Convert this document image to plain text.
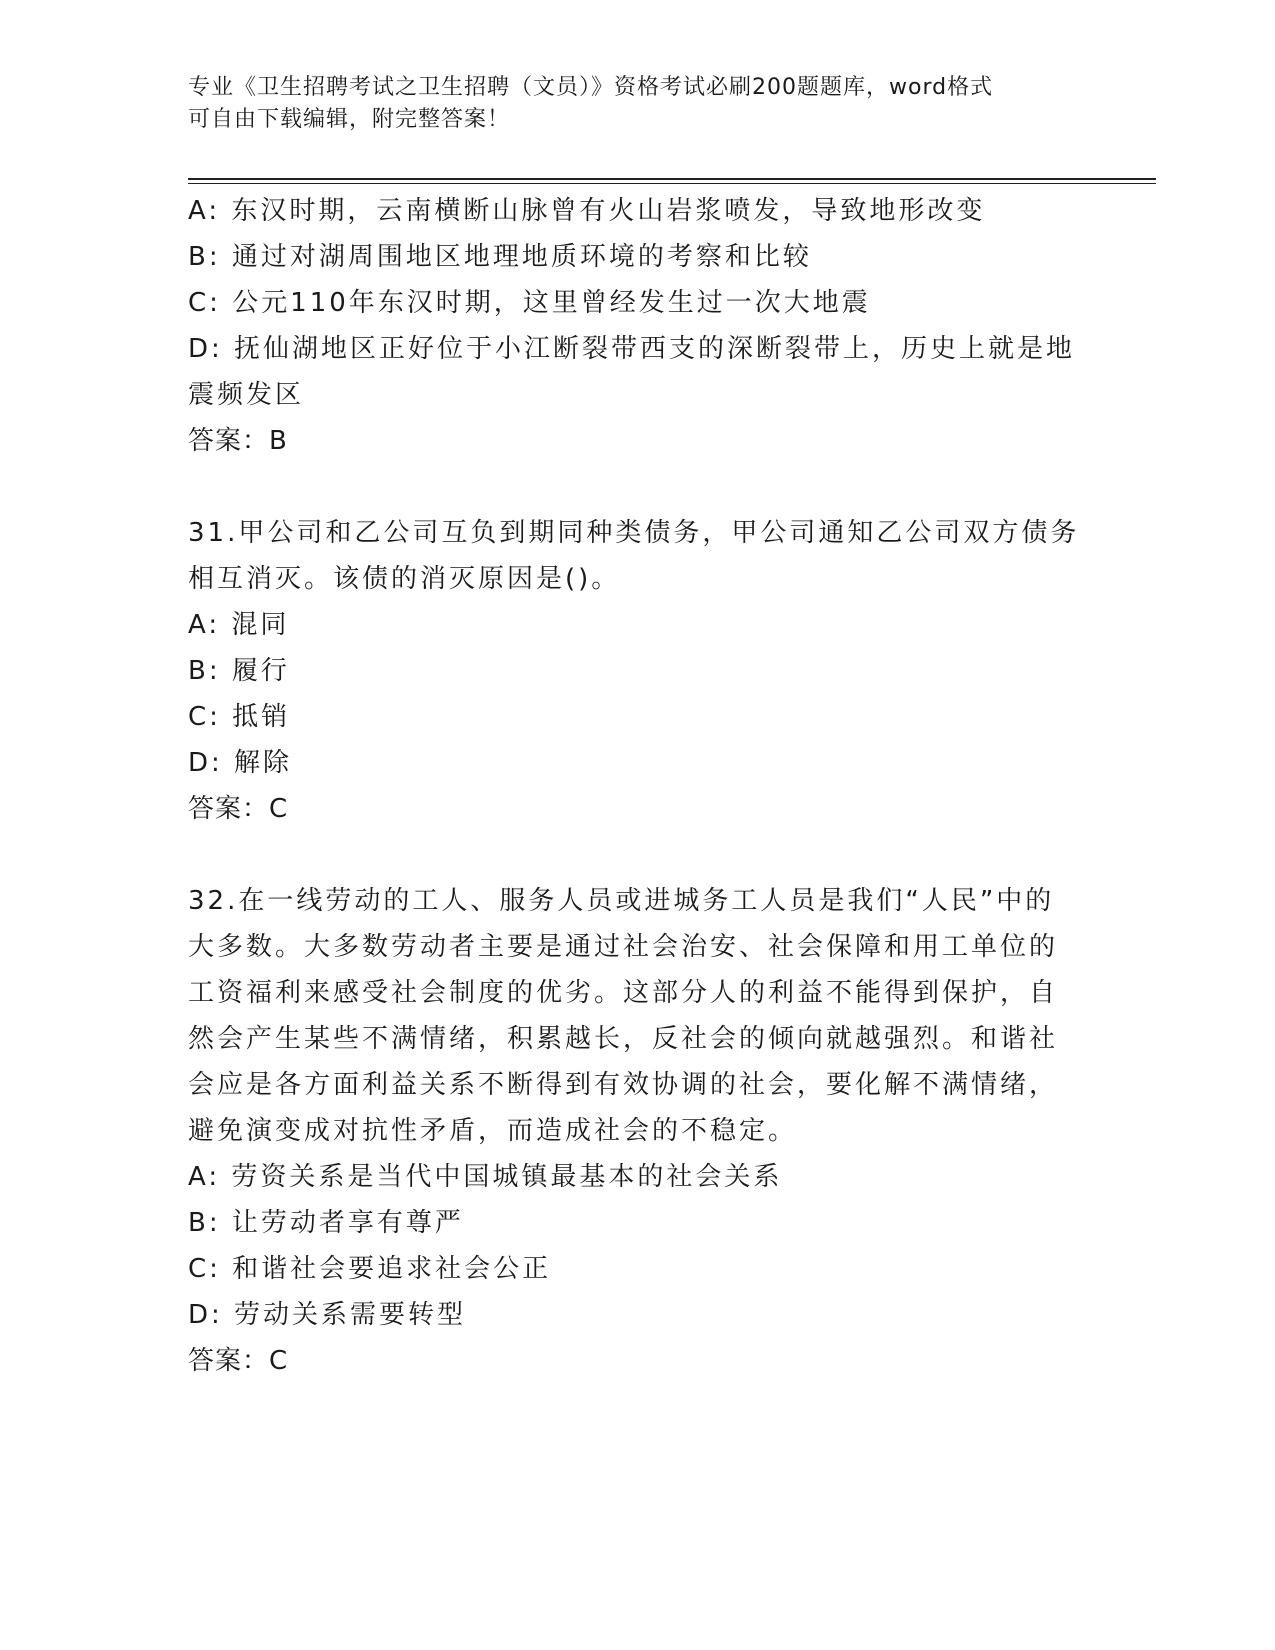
专业《卫生招聘考试之卫生招聘（文员）》资格考试必刷200题题库，word格式
可自由下载编辑，附完整答案！
A: 东汉时期，云南横断山脉曾有火山岩浆喷发，导致地形改变
B: 通过对湖周围地区地理地质环境的考察和比较
C: 公元110年东汉时期，这里曾经发生过一次大地震
D: 抚仙湖地区正好位于小江断裂带西支的深断裂带上，历史上就是地
震频发区
答案：B
31.甲公司和乙公司互负到期同种类债务，甲公司通知乙公司双方债务
相互消灭。该债的消灭原因是()。
A: 混同
B: 履行
C: 抵销
D: 解除
答案：C
32.在一线劳动的工人、服务人员或进城务工人员是我们“人民”中的
大多数。大多数劳动者主要是通过社会治安、社会保障和用工单位的
工资福利来感受社会制度的优劣。这部分人的利益不能得到保护，自
然会产生某些不满情绪，积累越长，反社会的倾向就越强烈。和谐社
会应是各方面利益关系不断得到有效协调的社会，要化解不满情绪，
避免演变成对抗性矛盾，而造成社会的不稳定。
A: 劳资关系是当代中国城镇最基本的社会关系
B: 让劳动者享有尊严
C: 和谐社会要追求社会公正
D: 劳动关系需要转型
答案：C
